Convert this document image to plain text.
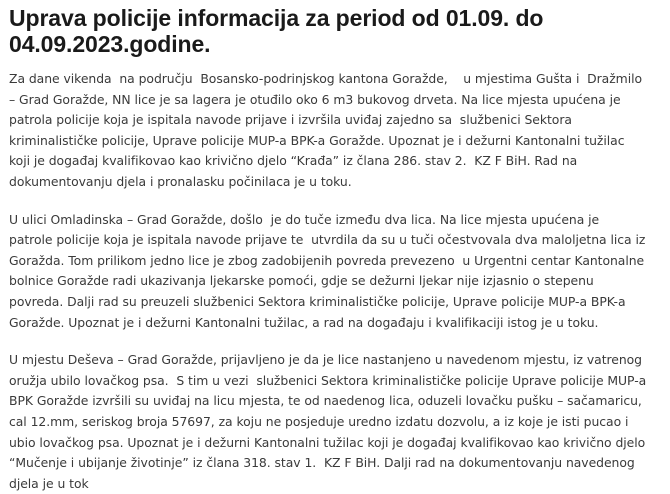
Uprava policije informacija za period od 01.09. do
04.09.2023.godine.

Za dane vikenda  na području  Bosansko-podrinjskog kantona Goražde,    u mjestima Gušta i  Dražmilo
– Grad Goražde, NN lice je sa lagera je otuđilo oko 6 m3 bukovog drveta. Na lice mjesta upućena je
patrola policije koja je ispitala navode prijave i izvršila uviđaj zajedno sa  službenici Sektora
kriminalističke policije, Uprave policije MUP-a BPK-a Goražde. Upoznat je i dežurni Kantonalni tužilac
koji je događaj kvalifikovao kao krivično djelo “Krađa” iz člana 286. stav 2.  KZ F BiH. Rad na
dokumentovanju djela i pronalasku počinilaca je u toku.

U ulici Omladinska – Grad Goražde, došlo  je do tuče između dva lica. Na lice mjesta upućena je
patrole policije koja je ispitala navode prijave te  utvrdila da su u tuči očestvovala dva maloljetna lica iz
Goražda. Tom prilikom jedno lice je zbog zadobijenih povreda prevezeno  u Urgentni centar Kantonalne
bolnice Goražde radi ukazivanja ljekarske pomoći, gdje se dežurni ljekar nije izjasnio o stepenu
povreda. Dalji rad su preuzeli službenici Sektora kriminalističke policije, Uprave policije MUP-a BPK-a
Goražde. Upoznat je i dežurni Kantonalni tužilac, a rad na događaju i kvalifikaciji istog je u toku.

U mjestu Deševa – Grad Goražde, prijavljeno je da je lice nastanjeno u navedenom mjestu, iz vatrenog
oružja ubilo lovačkog psa.  S tim u vezi  službenici Sektora kriminalističke policije Uprave policije MUP-a
BPK Goražde izvršili su uviđaj na licu mjesta, te od naedenog lica, oduzeli lovačku pušku – sačamaricu,
cal 12.mm, seriskog broja 57697, za koju ne posjeduje uredno izdatu dozvolu, a iz koje je isti pucao i
ubio lovačkog psa. Upoznat je i dežurni Kantonalni tužilac koji je događaj kvalifikovao kao krivično djelo
“Mučenje i ubijanje životinje” iz člana 318. stav 1.  KZ F BiH. Dalji rad na dokumentovanju navedenog
djela je u tok
